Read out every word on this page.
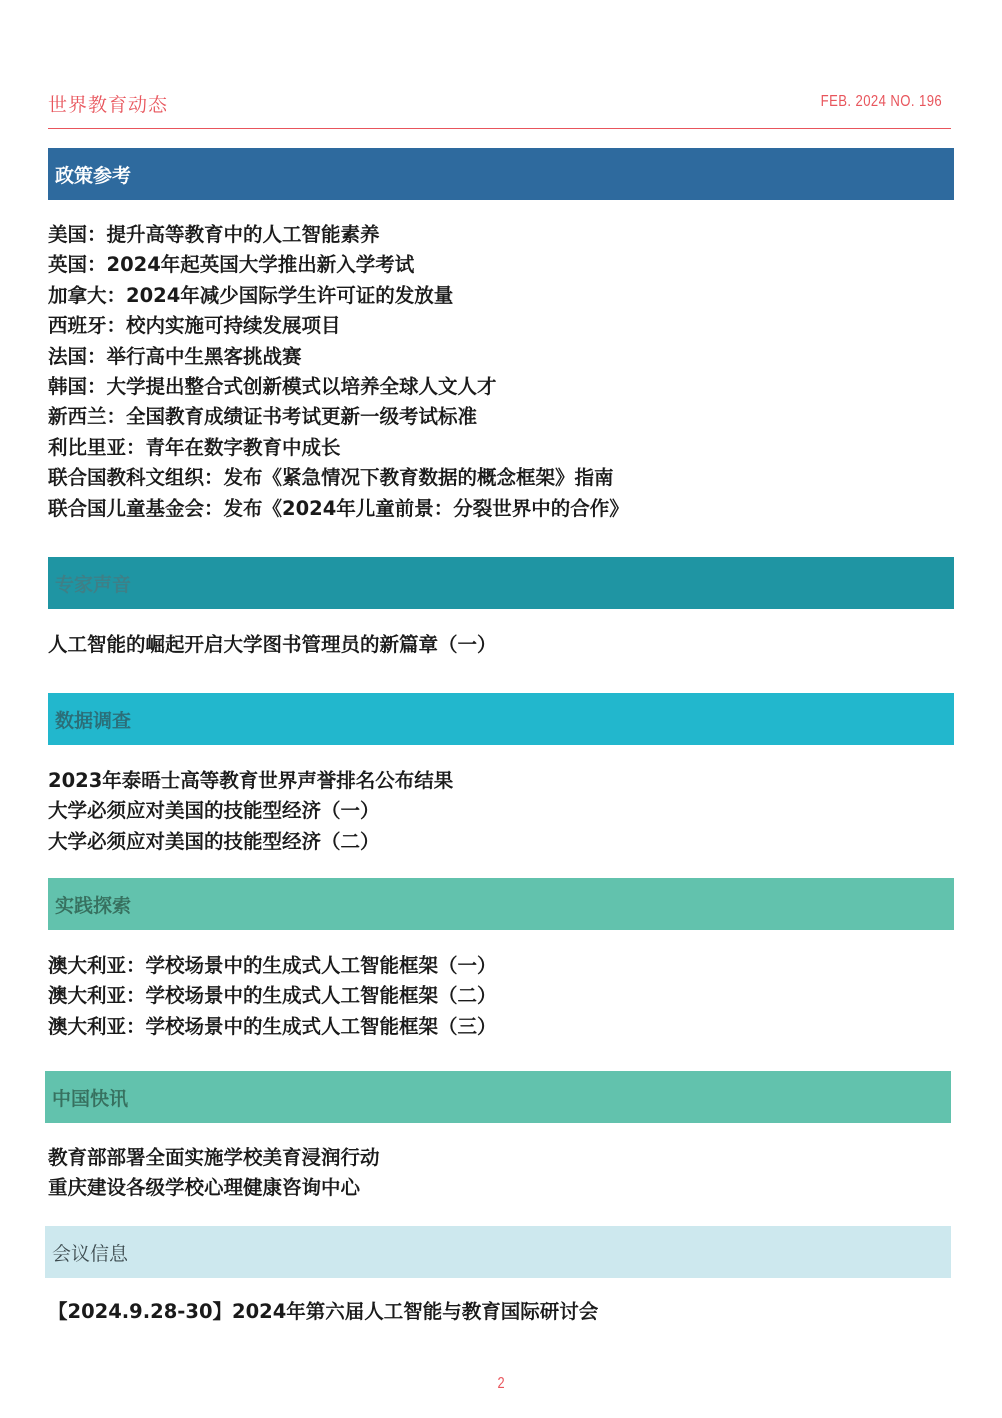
世界教育动态	FEB. 2024 NO. 196
政策参考
美国：提升高等教育中的人工智能素养
英国：2024年起英国大学推出新入学考试
加拿大：2024年减少国际学生许可证的发放量
西班牙：校内实施可持续发展项目
法国：举行高中生黑客挑战赛
韩国：大学提出整合式创新模式以培养全球人文人才
新西兰：全国教育成绩证书考试更新一级考试标准
利比里亚：青年在数字教育中成长
联合国教科文组织：发布《紧急情况下教育数据的概念框架》指南
联合国儿童基金会：发布《2024年儿童前景：分裂世界中的合作》
专家声音
人工智能的崛起开启大学图书管理员的新篇章（一）
数据调查
2023年泰晤士高等教育世界声誉排名公布结果
大学必须应对美国的技能型经济（一）
大学必须应对美国的技能型经济（二）
实践探索
澳大利亚：学校场景中的生成式人工智能框架（一）
澳大利亚：学校场景中的生成式人工智能框架（二）
澳大利亚：学校场景中的生成式人工智能框架（三）
中国快讯
教育部部署全面实施学校美育浸润行动
重庆建设各级学校心理健康咨询中心
会议信息
【2024.9.28-30】2024年第六届人工智能与教育国际研讨会
2
